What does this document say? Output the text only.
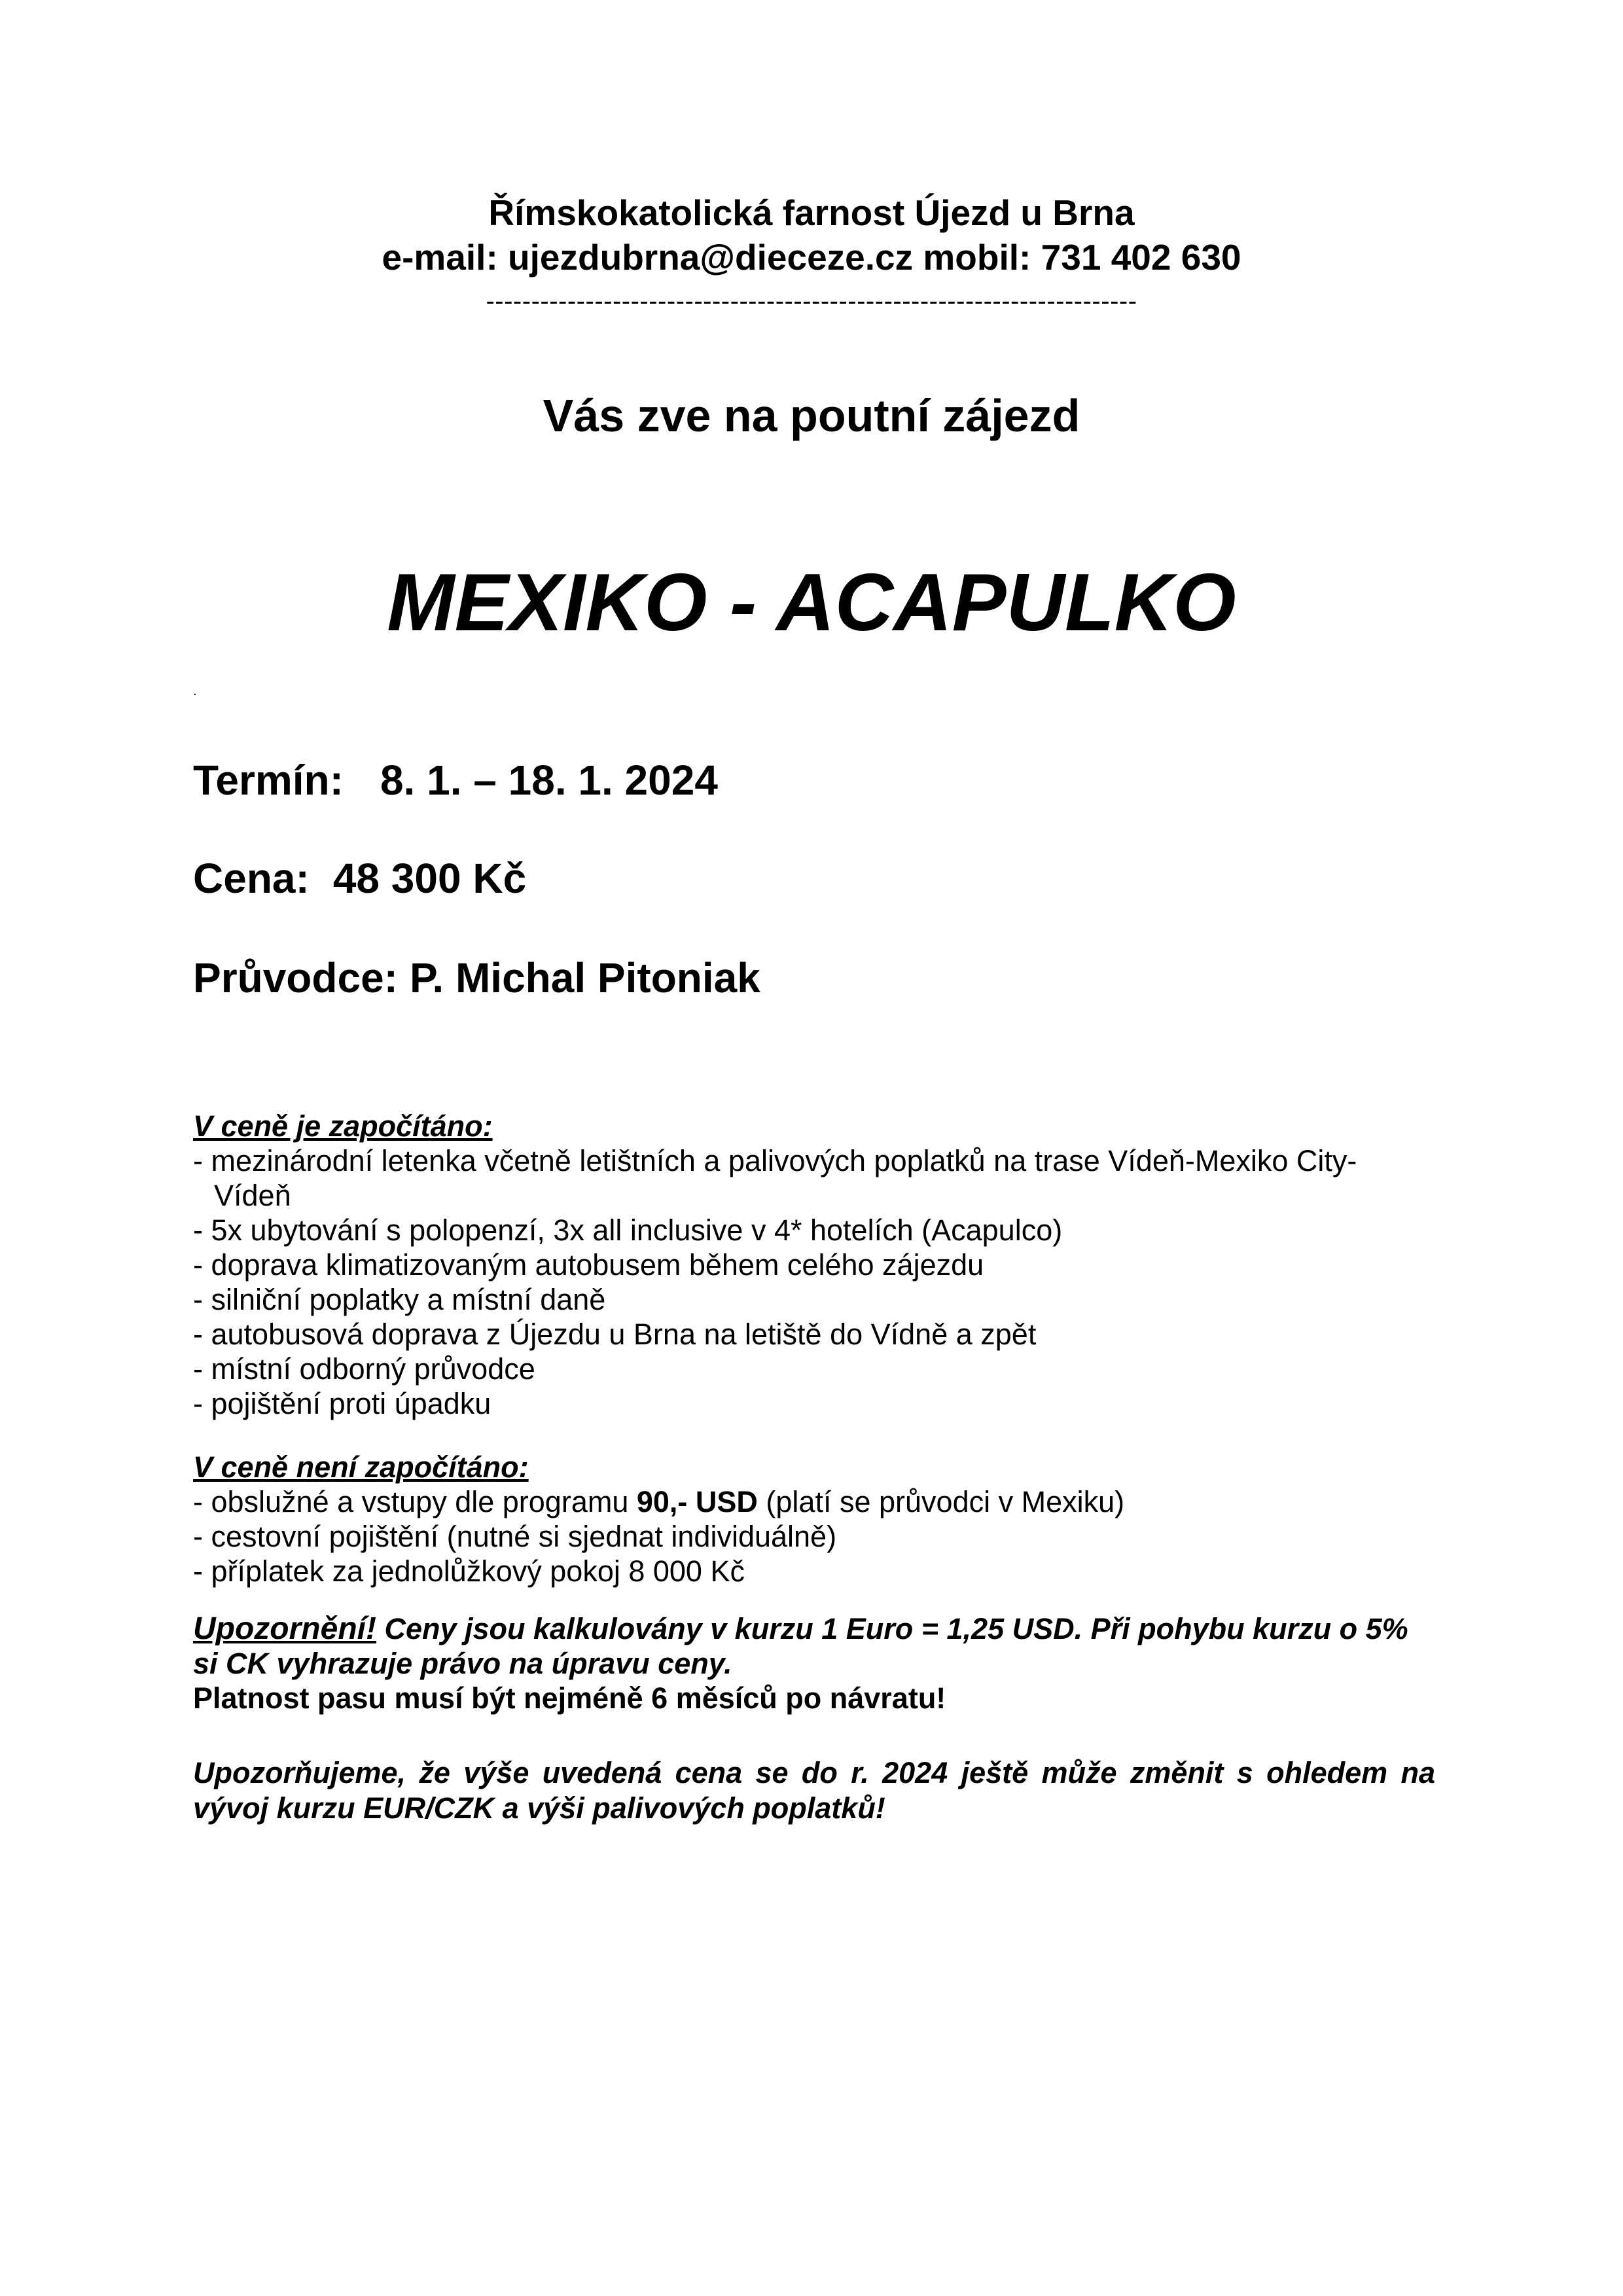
Římskokatolická farnost Újezd u Brna
e-mail: ujezdubrna@dieceze.cz mobil: 731 402 630
------------------------------------------------------------------------
Vás zve na poutní zájezd
MEXIKO - ACAPULKO
.
Termín: 8. 1. – 18. 1. 2024
Cena: 48 300 Kč
Průvodce: P. Michal Pitoniak
V ceně je započítáno:
- mezinárodní letenka včetně letištních a palivových poplatků na trase Vídeň-Mexiko City-
Vídeň
- 5x ubytování s polopenzí, 3x all inclusive v 4* hotelích (Acapulco)
- doprava klimatizovaným autobusem během celého zájezdu
- silniční poplatky a místní daně
- autobusová doprava z Újezdu u Brna na letiště do Vídně a zpět
- místní odborný průvodce
- pojištění proti úpadku
V ceně není započítáno:
- obslužné a vstupy dle programu 90,- USD (platí se průvodci v Mexiku)
- cestovní pojištění (nutné si sjednat individuálně)
- příplatek za jednolůžkový pokoj 8 000 Kč
Upozornění! Ceny jsou kalkulovány v kurzu 1 Euro = 1,25 USD. Při pohybu kurzu o 5%
si CK vyhrazuje právo na úpravu ceny.
Platnost pasu musí být nejméně 6 měsíců po návratu!
Upozorňujeme, že výše uvedená cena se do r. 2024 ještě může změnit s ohledem na vývoj kurzu EUR/CZK a výši palivových poplatků!
